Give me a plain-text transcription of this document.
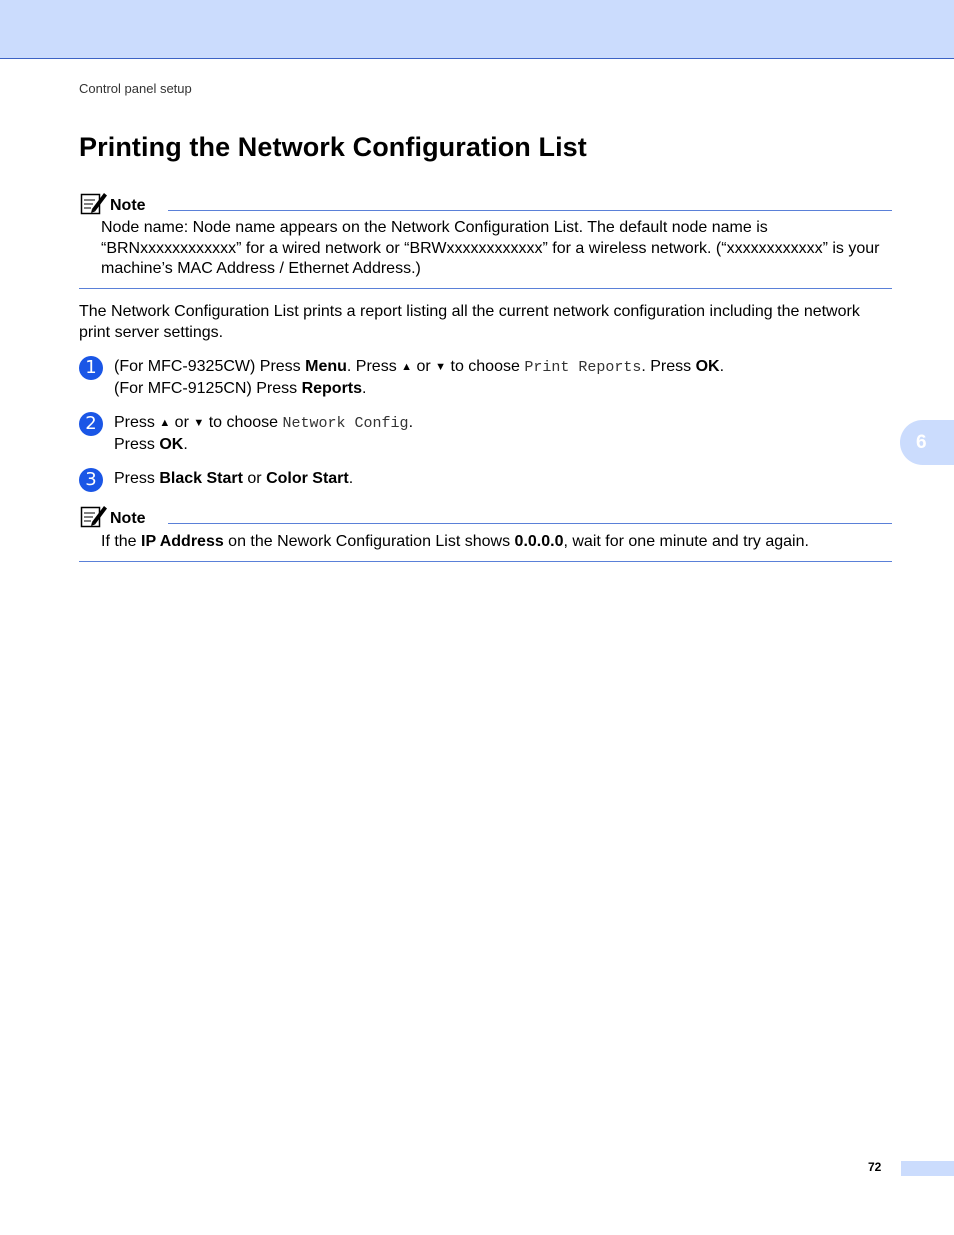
Control panel setup
Printing the Network Configuration List
Note
Node name: Node name appears on the Network Configuration List. The default node name is “BRNxxxxxxxxxxxx” for a wired network or “BRWxxxxxxxxxxxx” for a wireless network. (“xxxxxxxxxxxx” is your machine’s MAC Address / Ethernet Address.)
The Network Configuration List prints a report listing all the current network configuration including the network print server settings.
1	(For MFC-9325CW) Press Menu. Press ▲ or ▼ to choose Print Reports. Press OK.
(For MFC-9125CN) Press Reports.
2	Press ▲ or ▼ to choose Network Config.
Press OK.
3	Press Black Start or Color Start.
Note
If the IP Address on the Nework Configuration List shows 0.0.0.0, wait for one minute and try again.
6
72
